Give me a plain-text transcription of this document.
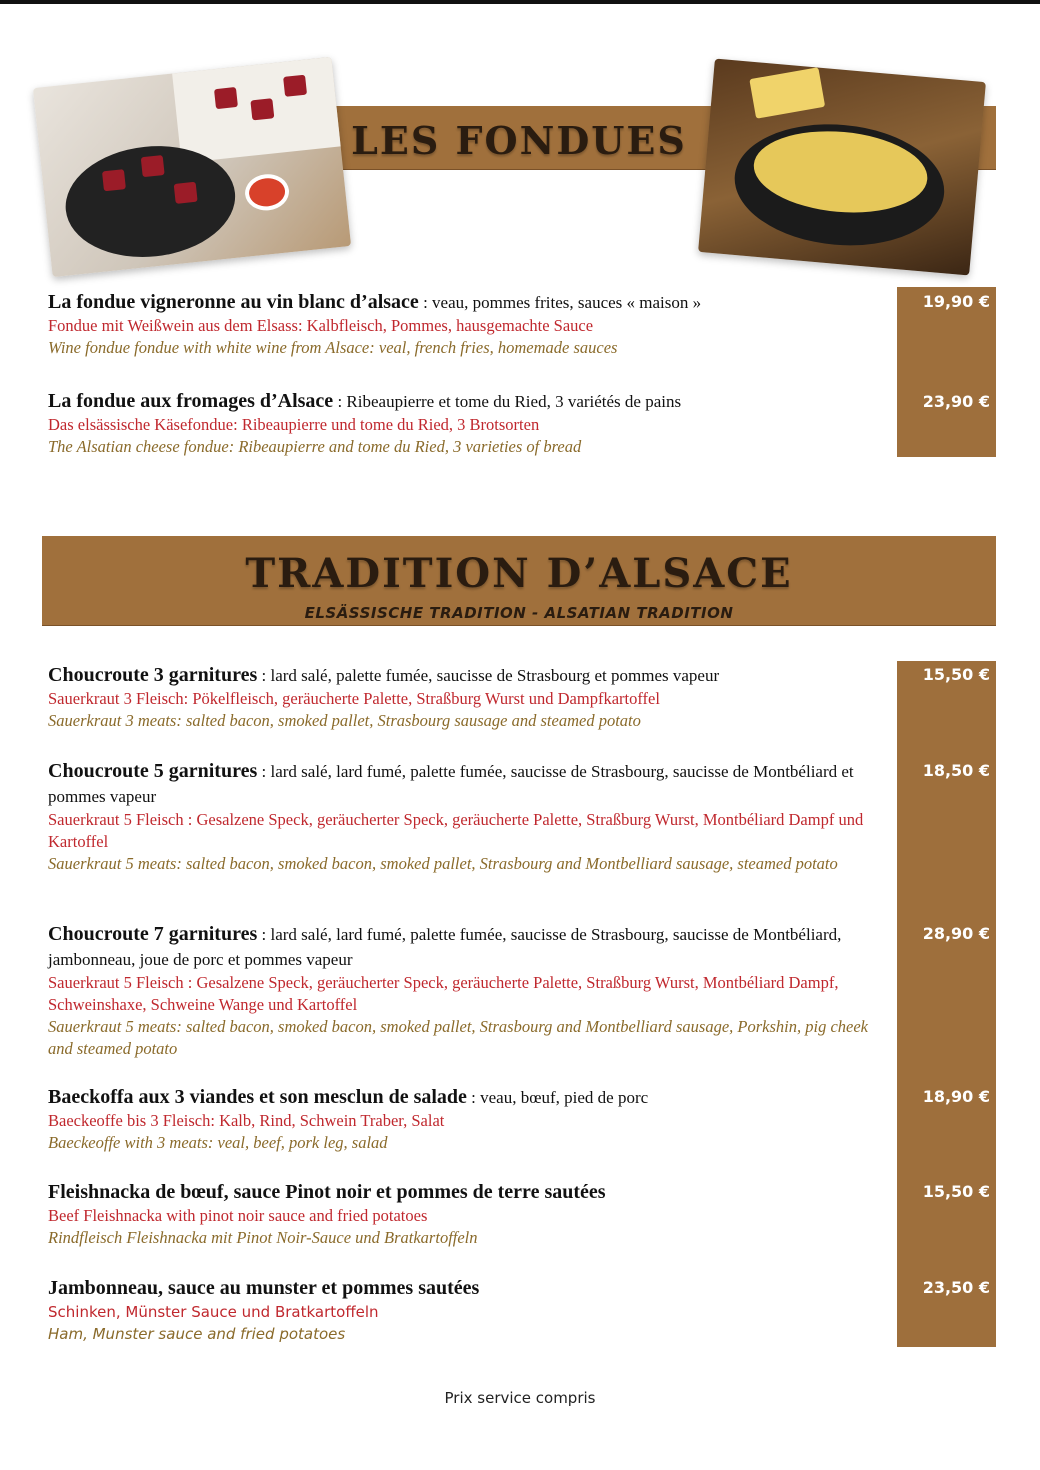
LES FONDUES
19,90 €
23,90 €
La fondue vigneronne au vin blanc d’alsace : veau, pommes frites, sauces « maison »
Fondue mit Weißwein aus dem Elsass: Kalbfleisch, Pommes, hausgemachte Sauce
Wine fondue fondue with white wine from Alsace: veal, french fries, homemade sauces
La fondue aux fromages d’Alsace : Ribeaupierre et tome du Ried, 3 variétés de pains
Das elsässische Käsefondue: Ribeaupierre und tome du Ried, 3 Brotsorten
The Alsatian cheese fondue: Ribeaupierre and tome du Ried, 3 varieties of bread
TRADITION D’ALSACE
ELSÄSSISCHE TRADITION - ALSATIAN TRADITION
15,50 €
18,50 €
28,90 €
18,90 €
15,50 €
23,50 €
Choucroute 3 garnitures : lard salé, palette fumée, saucisse de Strasbourg et pommes vapeur
Sauerkraut 3 Fleisch: Pökelfleisch, geräucherte Palette, Straßburg Wurst und Dampfkartoffel
Sauerkraut 3 meats: salted bacon, smoked pallet, Strasbourg sausage and steamed potato
Choucroute 5 garnitures : lard salé, lard fumé, palette fumée, saucisse de Strasbourg, saucisse de Montbéliard et pommes vapeur
Sauerkraut 5 Fleisch : Gesalzene Speck, geräucherter Speck, geräucherte Palette, Straßburg Wurst, Montbéliard Dampf und Kartoffel
Sauerkraut 5 meats: salted bacon, smoked bacon, smoked pallet, Strasbourg and Montbelliard sausage, steamed potato
Choucroute 7 garnitures : lard salé, lard fumé, palette fumée, saucisse de Strasbourg, saucisse de Montbéliard, jambonneau, joue de porc et pommes vapeur
Sauerkraut 5 Fleisch : Gesalzene Speck, geräucherter Speck, geräucherte Palette, Straßburg Wurst, Montbéliard Dampf, Schweinshaxe, Schweine Wange und Kartoffel
Sauerkraut 5 meats: salted bacon, smoked bacon, smoked pallet, Strasbourg and Montbelliard sausage, Porkshin, pig cheek and steamed potato
Baeckoffa aux 3 viandes et son mesclun de salade : veau, bœuf, pied de porc
Baeckeoffe bis 3 Fleisch: Kalb, Rind, Schwein Traber, Salat
Baeckeoffe with 3 meats: veal, beef, pork leg, salad
Fleishnacka de bœuf, sauce Pinot noir et pommes de terre sautées
Beef Fleishnacka with pinot noir sauce and fried potatoes
Rindfleisch Fleishnacka mit Pinot Noir-Sauce und Bratkartoffeln
Jambonneau, sauce au munster et pommes sautées
Schinken, Münster Sauce und Bratkartoffeln
Ham, Munster sauce and fried potatoes
Prix service compris
